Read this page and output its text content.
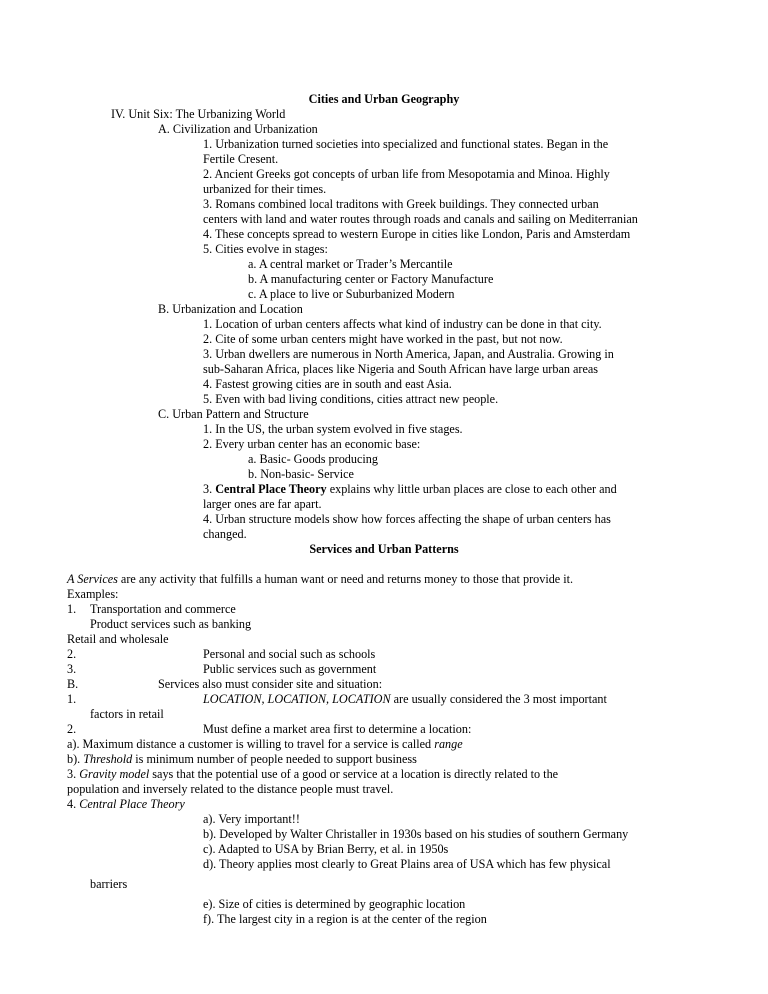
Cities and Urban Geography
IV. Unit Six: The Urbanizing World
A. Civilization and Urbanization
1. Urbanization turned societies into specialized and functional states. Began in the
Fertile Cresent.
2. Ancient Greeks got concepts of urban life from Mesopotamia and Minoa. Highly
urbanized for their times.
3. Romans combined local traditons with Greek buildings. They connected urban
centers with land and water routes through roads and canals and sailing on Mediterranian
4. These concepts spread to western Europe in cities like London, Paris and Amsterdam
5. Cities evolve in stages:
a. A central market or Trader’s Mercantile
b. A manufacturing center or Factory Manufacture
c. A place to live or Suburbanized Modern
B. Urbanization and Location
1. Location of urban centers affects what kind of industry can be done in that city.
2. Cite of some urban centers might have worked in the past, but not now.
3. Urban dwellers are numerous in North America, Japan, and Australia. Growing in
sub-Saharan Africa, places like Nigeria and South African have large urban areas
4. Fastest growing cities are in south and east Asia.
5. Even with bad living conditions, cities attract new people.
C. Urban Pattern and Structure
1. In the US, the urban system evolved in five stages.
2. Every urban center has an economic base:
a. Basic- Goods producing
b. Non-basic- Service
3. Central Place Theory explains why little urban places are close to each other and
larger ones are far apart.
4. Urban structure models show how forces affecting the shape of urban centers has
changed.
Services and Urban Patterns
A Services are any activity that fulfills a human want or need and returns money to those that provide it.
Examples:
1. Transportation and commerce
Product services such as banking
Retail and wholesale
2.	Personal and social such as schools
3.	Public services such as government
B.	Services also must consider site and situation:
1.	LOCATION, LOCATION, LOCATION are usually considered the 3 most important
factors in retail
2.	Must define a market area first to determine a location:
a). Maximum distance a customer is willing to travel for a service is called range
b). Threshold is minimum number of people needed to support business
3. Gravity model says that the potential use of a good or service at a location is directly related to the
population and inversely related to the distance people must travel.
4. Central Place Theory
a). Very important!!
b). Developed by Walter Christaller in 1930s based on his studies of southern Germany
c). Adapted to USA by Brian Berry, et al. in 1950s
d). Theory applies most clearly to Great Plains area of USA which has few physical
barriers
e). Size of cities is determined by geographic location
f). The largest city in a region is at the center of the region
